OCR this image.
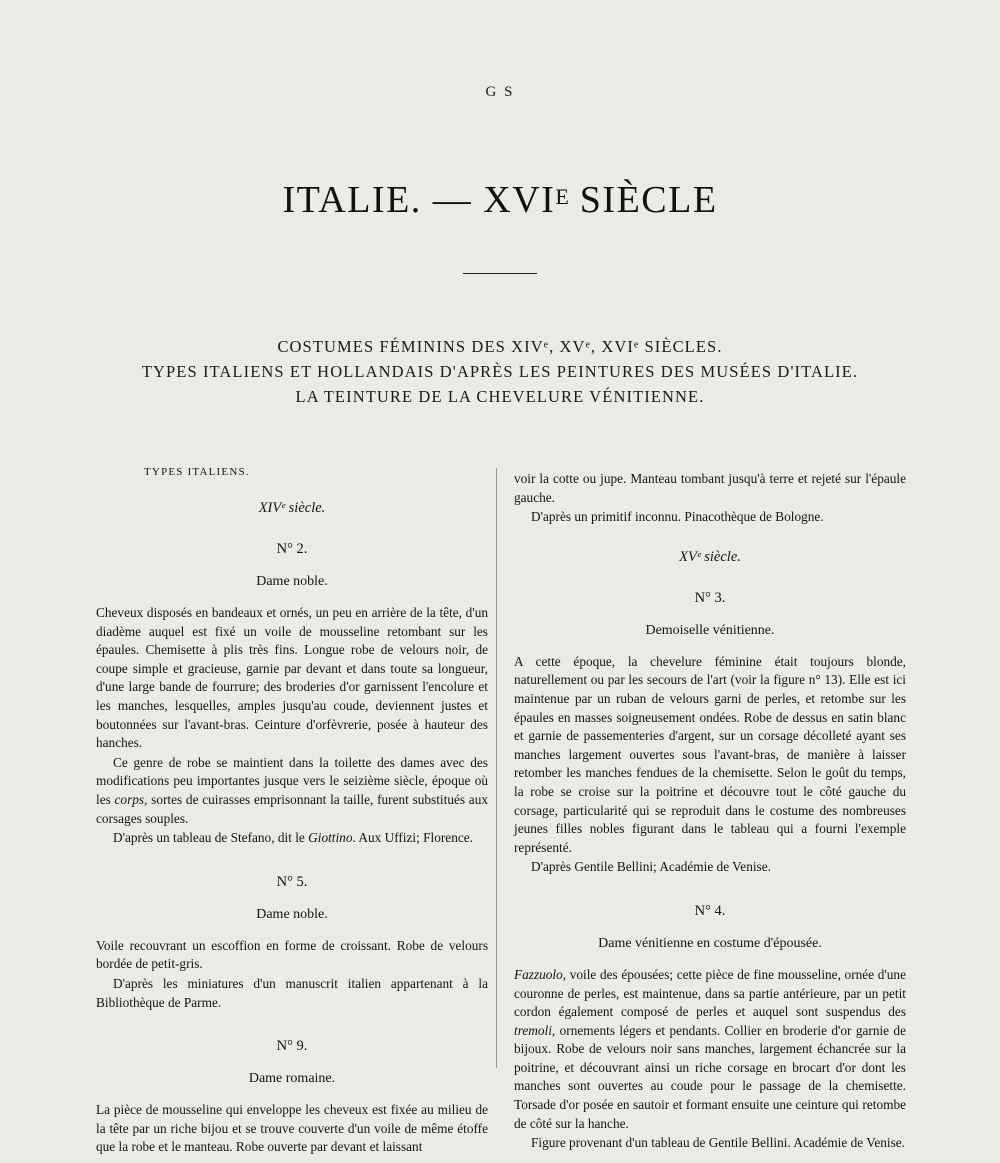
G S
ITALIE. — $XVI^E$ SIÈCLE
COSTUMES FÉMININS DES XIVᵉ, XVᵉ, XVIᵉ SIÈCLES.
TYPES ITALIENS ET HOLLANDAIS D'APRÈS LES PEINTURES DES MUSÉES D'ITALIE.
LA TEINTURE DE LA CHEVELURE VÉNITIENNE.
TYPES ITALIENS.
XIVᵉ siècle.
N° 2.
Dame noble.

Cheveux disposés en bandeaux et ornés, un peu en arrière de la tête, d'un diadème auquel est fixé un voile de mousseline retombant sur les épaules. Chemisette à plis très fins. Longue robe de velours noir, de coupe simple et gracieuse, garnie par devant et dans toute sa longueur, d'une large bande de fourrure; des broderies d'or garnissent l'encolure et les manches, lesquelles, amples jusqu'au coude, deviennent justes et boutonnées sur l'avant-bras. Ceinture d'orfèvrerie, posée à hauteur des hanches.

Ce genre de robe se maintient dans la toilette des dames avec des modifications peu importantes jusque vers le seizième siècle, époque où les corps, sortes de cuirasses emprisonnant la taille, furent substitués aux corsages souples.

D'après un tableau de Stefano, dit le Giottino. Aux Uffizi; Florence.

N° 5.
Dame noble.

Voile recouvrant un escoffion en forme de croissant. Robe de velours bordée de petit-gris.

D'après les miniatures d'un manuscrit italien appartenant à la Bibliothèque de Parme.

N° 9.
Dame romaine.

La pièce de mousseline qui enveloppe les cheveux est fixée au milieu de la tête par un riche bijou et se trouve couverte d'un voile de même étoffe que la robe et le manteau. Robe ouverte par devant et laissant

voir la cotte ou jupe. Manteau tombant jusqu'à terre et rejeté sur l'épaule gauche.

D'après un primitif inconnu. Pinacothèque de Bologne.

XVᵉ siècle.
N° 3.
Demoiselle vénitienne.

A cette époque, la chevelure féminine était toujours blonde, naturellement ou par les secours de l'art (voir la figure n° 13). Elle est ici maintenue par un ruban de velours garni de perles, et retombe sur les épaules en masses soigneusement ondées. Robe de dessus en satin blanc et garnie de passementeries d'argent, sur un corsage décolleté ayant ses manches largement ouvertes sous l'avant-bras, de manière à laisser retomber les manches fendues de la chemisette. Selon le goût du temps, la robe se croise sur la poitrine et découvre tout le côté gauche du corsage, particularité qui se reproduit dans le costume des nombreuses jeunes filles nobles figurant dans le tableau qui a fourni l'exemple représenté.

D'après Gentile Bellini; Académie de Venise.

N° 4.
Dame vénitienne en costume d'épousée.

Fazzuolo, voile des épousées; cette pièce de fine mousseline, ornée d'une couronne de perles, est maintenue, dans sa partie antérieure, par un petit cordon également composé de perles et auquel sont suspendus des tremoli, ornements légers et pendants. Collier en broderie d'or garnie de bijoux. Robe de velours noir sans manches, largement échancrée sur la poitrine, et découvrant ainsi un riche corsage en brocart d'or dont les manches sont ouvertes au coude pour le passage de la chemisette. Torsade d'or posée en sautoir et formant ensuite une ceinture qui retombe de côté sur la hanche.

Figure provenant d'un tableau de Gentile Bellini. Académie de Venise.
